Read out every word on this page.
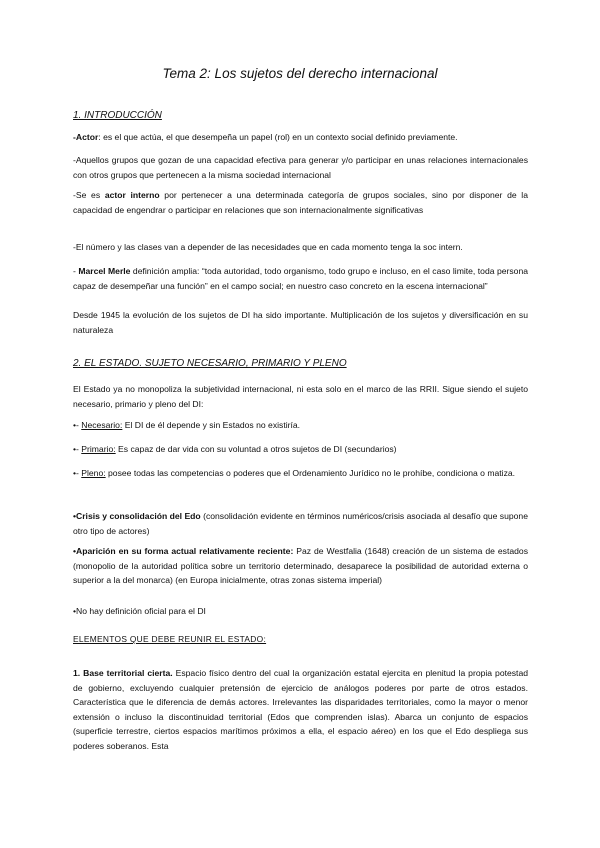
Tema 2: Los sujetos del derecho internacional
1. INTRODUCCIÓN

-Actor: es el que actúa, el que desempeña un papel (rol) en un contexto social definido previamente.

-Aquellos grupos que gozan de una capacidad efectiva para generar y/o participar en unas relaciones internacionales con otros grupos que pertenecen a la misma sociedad internacional

-Se es actor interno por pertenecer a una determinada categoría de grupos sociales, sino por disponer de la capacidad de engendrar o participar en relaciones que son internacionalmente significativas

-El número y las clases van a depender de las necesidades que en cada momento tenga la soc intern.

- Marcel Merle definición amplia: “toda autoridad, todo organismo, todo grupo e incluso, en el caso limite, toda persona capaz de desempeñar una función” en el campo social; en nuestro caso concreto en la escena internacional”

Desde 1945 la evolución de los sujetos de DI ha sido importante. Multiplicación de los sujetos y diversificación en su naturaleza

2. EL ESTADO. SUJETO NECESARIO, PRIMARIO Y PLENO

El Estado ya no monopoliza la subjetividad internacional, ni esta solo en el marco de las RRII. Sigue siendo el sujeto necesario, primario y pleno del DI:

•- Necesario: El DI de él depende y sin Estados no existiría.

•- Primario: Es capaz de dar vida con su voluntad a otros sujetos de DI (secundarios)

•- Pleno: posee todas las competencias o poderes que el Ordenamiento Jurídico no le prohíbe, condiciona o matiza.

•Crisis y consolidación del Edo (consolidación evidente en términos numéricos/crisis asociada al desafío que supone otro tipo de actores)

•Aparición en su forma actual relativamente reciente: Paz de Westfalia (1648) creación de un sistema de estados (monopolio de la autoridad política sobre un territorio determinado, desaparece la posibilidad de autoridad externa o superior a la del monarca) (en Europa inicialmente, otras zonas sistema imperial)

•No hay definición oficial para el DI

ELEMENTOS QUE DEBE REUNIR EL ESTADO:

1. Base territorial cierta. Espacio físico dentro del cual la organización estatal ejercita en plenitud la propia potestad de gobierno, excluyendo cualquier pretensión de ejercicio de análogos poderes por parte de otros estados. Característica que le diferencia de demás actores. Irrelevantes las disparidades territoriales, como la mayor o menor extensión o incluso la discontinuidad territorial (Edos que comprenden islas). Abarca un conjunto de espacios (superficie terrestre, ciertos espacios marítimos próximos a ella, el espacio aéreo) en los que el Edo despliega sus poderes soberanos. Esta
